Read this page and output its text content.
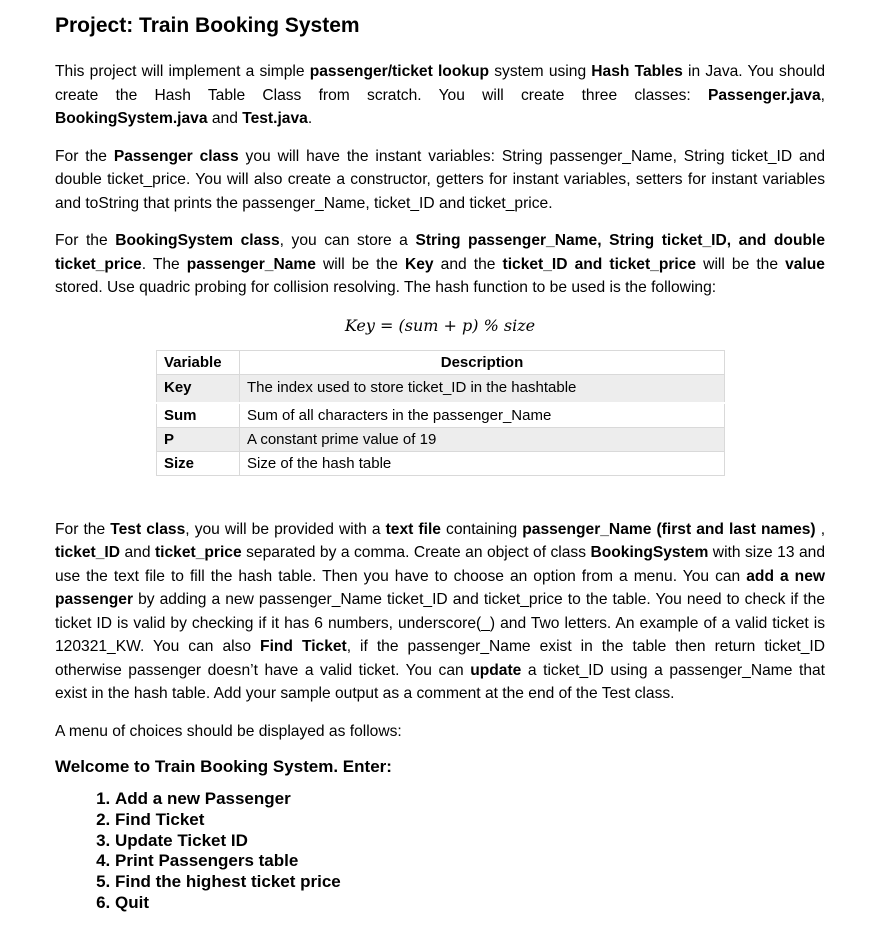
Project: Train Booking System

This project will implement a simple passenger/ticket lookup system using Hash Tables in Java. You should create the Hash Table Class from scratch. You will create three classes: Passenger.java, BookingSystem.java and Test.java.

For the Passenger class you will have the instant variables: String passenger_Name, String ticket_ID and double ticket_price. You will also create a constructor, getters for instant variables, setters for instant variables and toString that prints the passenger_Name, ticket_ID and ticket_price.

For the BookingSystem class, you can store a String passenger_Name, String ticket_ID, and double ticket_price. The passenger_Name will be the Key and the ticket_ID and ticket_price will be the value stored. Use quadric probing for collision resolving. The hash function to be used is the following:

Key = (sum + p) % size
Variable	Description
Key	The index used to store ticket_ID in the hashtable
Sum	Sum of all characters in the passenger_Name
P	A constant prime value of 19
Size	Size of the hash table

For the Test class, you will be provided with a text file containing passenger_Name (first and last names) , ticket_ID and ticket_price separated by a comma. Create an object of class BookingSystem with size 13 and use the text file to fill the hash table. Then you have to choose an option from a menu. You can add a new passenger by adding a new passenger_Name ticket_ID and ticket_price to the table. You need to check if the ticket ID is valid by checking if it has 6 numbers, underscore(_) and Two letters. An example of a valid ticket is 120321_KW. You can also Find Ticket, if the passenger_Name exist in the table then return ticket_ID otherwise passenger doesn’t have a valid ticket. You can update a ticket_ID using a passenger_Name that exist in the hash table. Add your sample output as a comment at the end of the Test class.

A menu of choices should be displayed as follows:

Welcome to Train Booking System. Enter:
1. Add a new Passenger
2. Find Ticket
3. Update Ticket ID
4. Print Passengers table
5. Find the highest ticket price
6. Quit
